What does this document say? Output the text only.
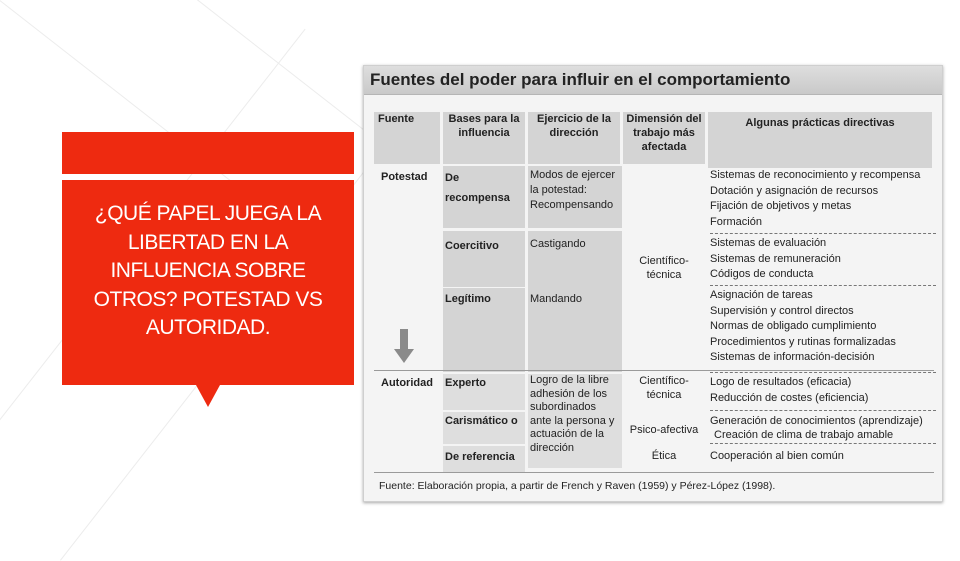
¿QUÉ PAPEL JUEGA LA LIBERTAD EN LA INFLUENCIA SOBRE OTROS? POTESTAD VS AUTORIDAD.
Fuentes del poder para influir en el comportamiento
Fuente	Bases para la influencia
Ejercicio de la dirección
Dimensión del trabajo más afectada
Algunas prácticas directivas
Potestad
Autoridad
De recompensa
Coercitivo
Legítimo
Experto
Carismático o
De referencia
Modos de ejercer la potestad: Recompensando
Castigando
Mandando
Logro de la libre adhesión de los subordinados ante la persona y actuación de la dirección
Científico-técnica
Científico-técnica
Psico-afectiva
Ética
Sistemas de reconocimiento y recompensa
Dotación y asignación de recursos
Fijación de objetivos y metas
Formación
Sistemas de evaluación
Sistemas de remuneración
Códigos de conducta
Asignación de tareas
Supervisión y control directos
Normas de obligado cumplimiento
Procedimientos y rutinas formalizadas
Sistemas de información-decisión
Logo de resultados (eficacia)
Reducción de costes (eficiencia)
Generación de conocimientos (aprendizaje)
Creación de clima de trabajo amable
Cooperación al bien común
Fuente: Elaboración propia, a partir de French y Raven (1959) y Pérez-López (1998).
